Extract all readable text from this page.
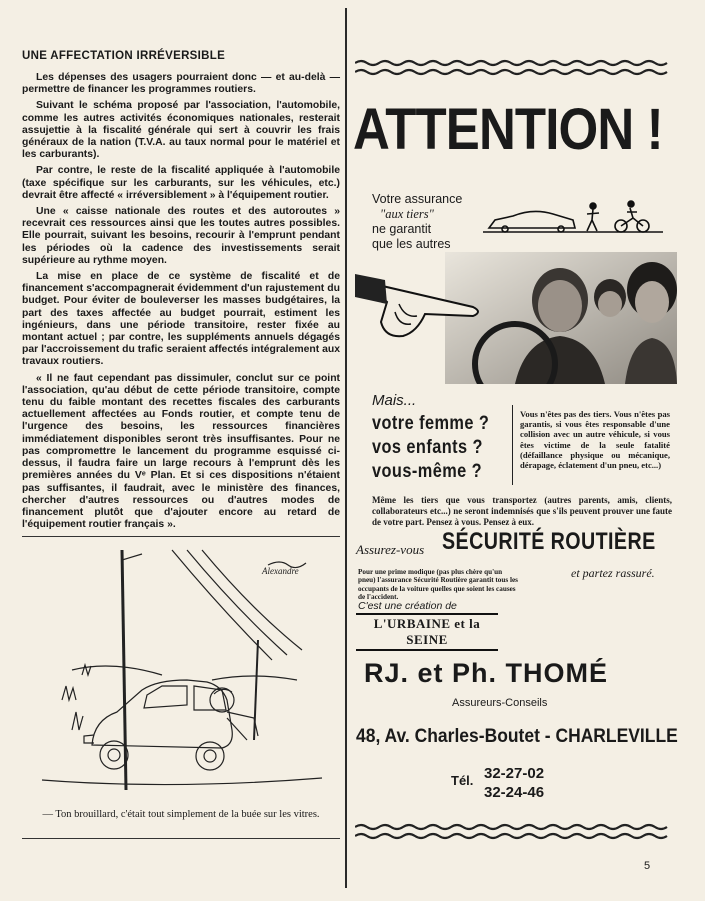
UNE AFFECTATION IRRÉVERSIBLE

Les dépenses des usagers pourraient donc — et au-delà — permettre de financer les programmes routiers.

Suivant le schéma proposé par l'association, l'automobile, comme les autres activités économiques nationales, resterait assujettie à la fiscalité générale qui sert à couvrir les frais généraux de la nation (T.V.A. au taux normal pour le matériel et les carburants).

Par contre, le reste de la fiscalité appliquée à l'automobile (taxe spécifique sur les carburants, sur les véhicules, etc.) devrait être affecté « irréversiblement » à l'équipement routier.

Une « caisse nationale des routes et des autoroutes » recevrait ces ressources ainsi que les toutes autres possibles. Elle pourrait, suivant les besoins, recourir à l'emprunt pendant les périodes où la cadence des investissements serait supérieure au rythme moyen.

La mise en place de ce système de fiscalité et de financement s'accompagnerait évidemment d'un rajustement du budget. Pour éviter de bouleverser les masses budgétaires, la part des taxes affectée au budget pourrait, estiment les ingénieurs, dans une période transitoire, rester fixée au montant actuel ; par contre, les suppléments annuels dégagés par l'accroissement du trafic seraient affectés intégralement aux travaux routiers.

« Il ne faut cependant pas dissimuler, conclut sur ce point l'association, qu'au début de cette période transitoire, compte tenu du faible montant des recettes fiscales des carburants actuellement affectées au Fonds routier, et compte tenu de l'urgence des besoins, les ressources financières immédiatement disponibles seront très insuffisantes. Pour ne pas compromettre le lancement du programme esquissé ci-dessus, il faudra faire un large recours à l'emprunt dès les premières années du Vᵉ Plan. Et si ces dispositions n'étaient pas suffisantes, il faudrait, avec le ministère des finances, chercher d'autres ressources ou d'autres modes de financement plutôt que d'ajouter encore au retard de l'équipement routier français ».

Alexandre
— Ton brouillard, c'était tout simplement de la buée sur les vitres.
ATTENTION !
Votre assurance
"aux tiers"
ne garantit
que les autres
Mais...
votre femme ?
vos enfants ?
vous-même ?
Vous n'êtes pas des tiers. Vous n'êtes pas garantis, si vous êtes responsable d'une collision avec un autre véhicule, si vous êtes victime de la seule fatalité (défaillance physique ou mécanique, dérapage, éclatement d'un pneu, etc...)
Même les tiers que vous transportez (autres parents, amis, clients, collaborateurs etc...) ne seront indemnisés que s'ils peuvent prouver une faute de votre part. Pensez à vous. Pensez à eux.
Assurez-vous SÉCURITÉ ROUTIÈRE
et partez rassuré.
Pour une prime modique (pas plus chère qu'un pneu) l'assurance Sécurité Routière garantit tous les occupants de la voiture quelles que soient les causes de l'accident.
C'est une création de
L'URBAINE et la SEINE
RJ. et Ph. THOMÉ
Assureurs-Conseils
48, Av. Charles-Boutet - CHARLEVILLE
Tél. 32-27-02
32-24-46
5
